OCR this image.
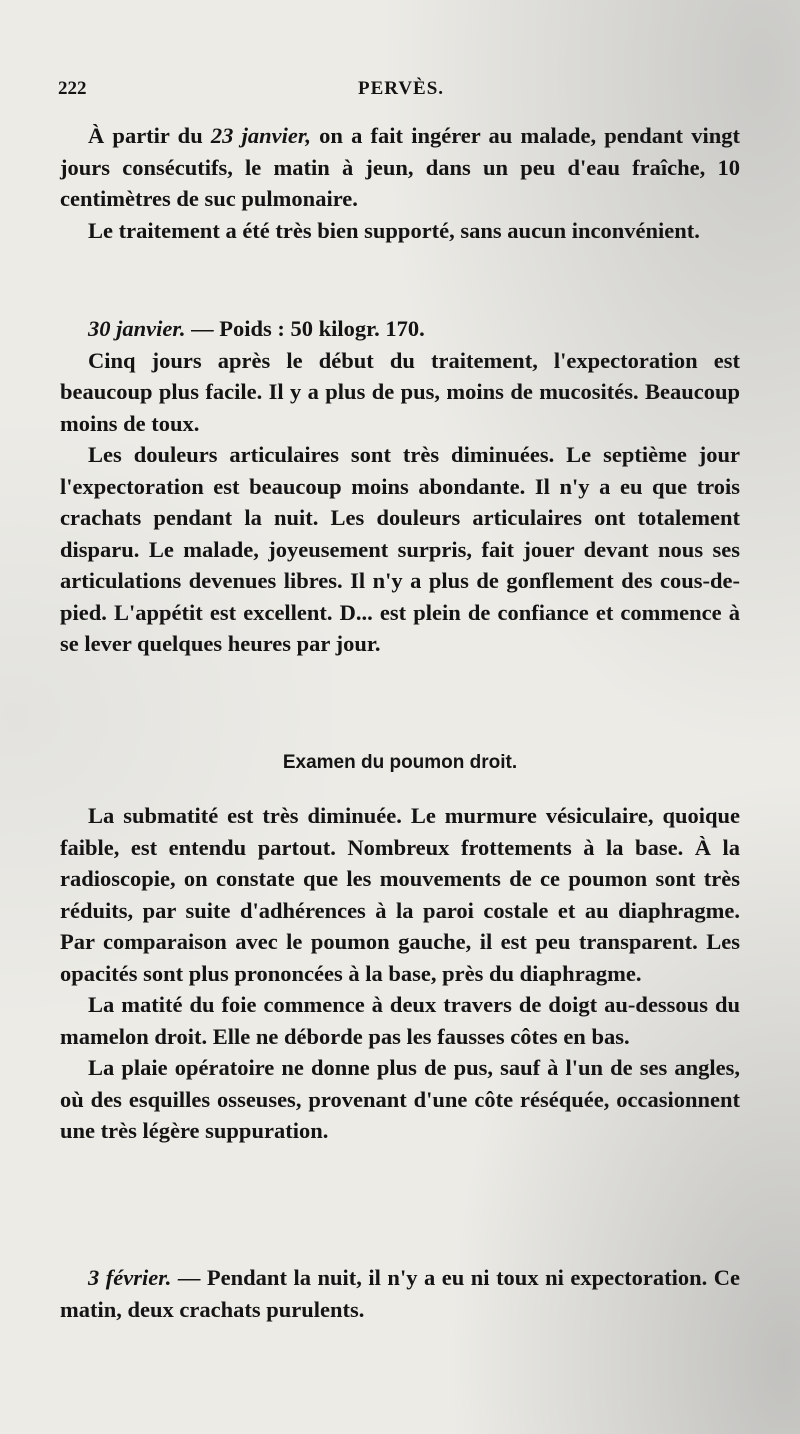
222	PERVÈS.

À partir du 23 janvier, on a fait ingérer au malade, pendant vingt jours consécutifs, le matin à jeun, dans un peu d'eau fraîche, 10 centimètres de suc pulmonaire.

Le traitement a été très bien supporté, sans aucun inconvénient.

30 janvier. — Poids : 50 kilogr. 170.

Cinq jours après le début du traitement, l'expectoration est beaucoup plus facile. Il y a plus de pus, moins de mucosités. Beaucoup moins de toux.

Les douleurs articulaires sont très diminuées. Le septième jour l'expectoration est beaucoup moins abondante. Il n'y a eu que trois crachats pendant la nuit. Les douleurs articulaires ont totalement disparu. Le malade, joyeusement surpris, fait jouer devant nous ses articulations devenues libres. Il n'y a plus de gonflement des cous-de-pied. L'appétit est excellent. D... est plein de confiance et commence à se lever quelques heures par jour.

Examen du poumon droit.

La submatité est très diminuée. Le murmure vésiculaire, quoique faible, est entendu partout. Nombreux frottements à la base. À la radioscopie, on constate que les mouvements de ce poumon sont très réduits, par suite d'adhérences à la paroi costale et au diaphragme. Par comparaison avec le poumon gauche, il est peu transparent. Les opacités sont plus prononcées à la base, près du diaphragme.

La matité du foie commence à deux travers de doigt au-dessous du mamelon droit. Elle ne déborde pas les fausses côtes en bas.

La plaie opératoire ne donne plus de pus, sauf à l'un de ses angles, où des esquilles osseuses, provenant d'une côte réséquée, occasionnent une très légère suppuration.

3 février. — Pendant la nuit, il n'y a eu ni toux ni expectoration. Ce matin, deux crachats purulents.
